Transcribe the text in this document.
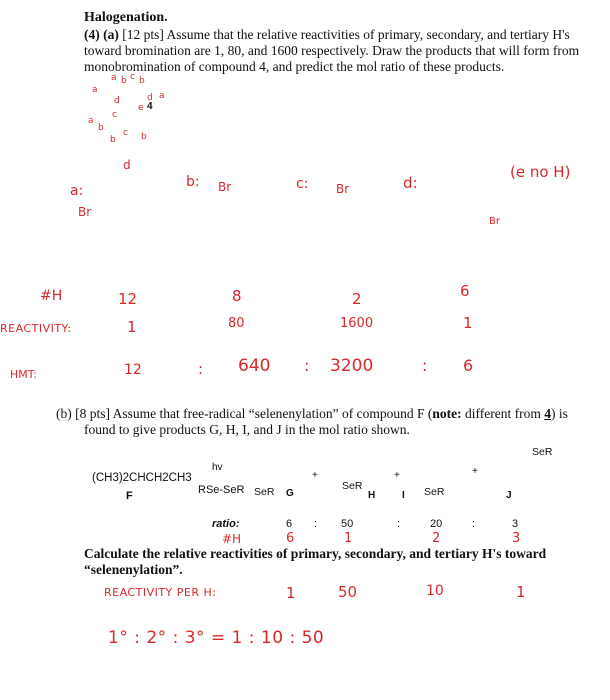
Halogenation.
(4) (a) [12 pts] Assume that the relative reactivities of primary, secondary, and tertiary H's
toward bromination are 1, 80, and 1600 respectively. Draw the products that will form from
monobromination of compound 4, and predict the mol ratio of these products.
4
a b c b
a
d
e
a
d
c
b
a
b
c b
d
a:
b:	c:	d:
(e no H)
Br
Br	Br
Br
#H	12	8	2	6
REACTIVITY:	1	80	1600	1
HMT:	12	: 640 : 3200	: 6
(b) [8 pts] Assume that free-radical “selenenylation” of compound F (note: different from 4) is
found to give products G, H, I, and J in the mol ratio shown.
(CH3)2CHCH2CH3
F
hv
RSe-SeR SeR G
+
SeR
H
+
SeR
I
+
SeR
J
ratio:	6 : 50	:	20	:	3
#H	6	1	2	3
Calculate the relative reactivities of primary, secondary, and tertiary H's toward
“selenenylation”.
REACTIVITY PER H:	1	50	10	1
1° : 2° : 3° = 1 : 10 : 50
